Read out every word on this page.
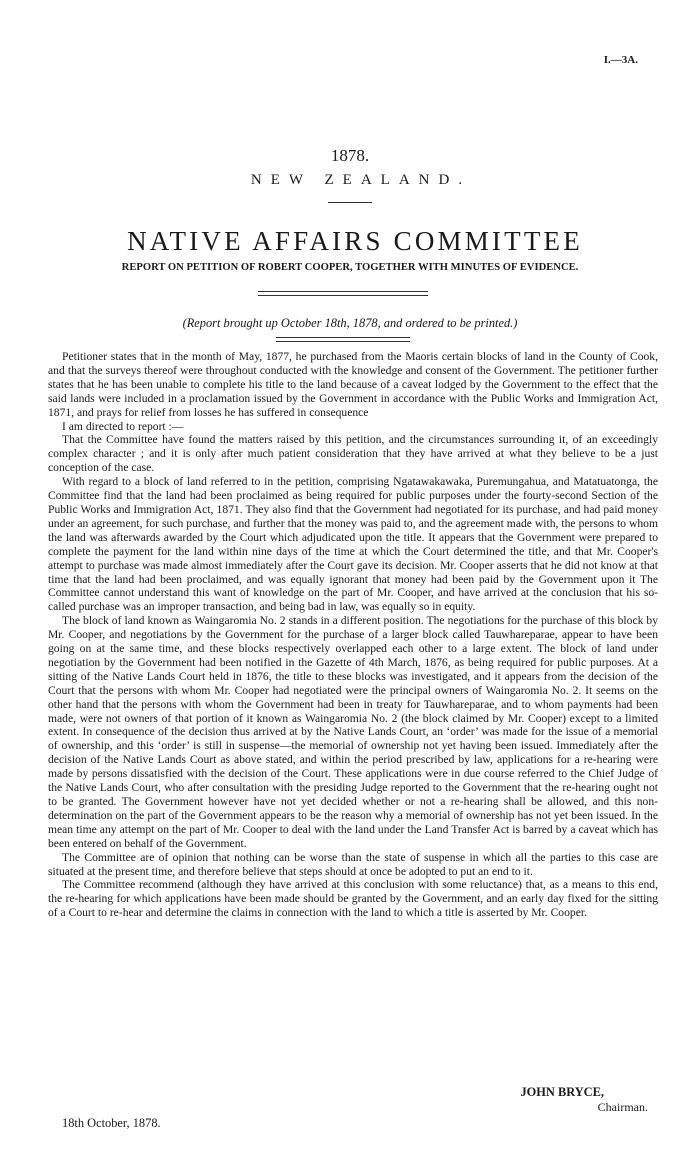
I.—3A.
1878.
NEW ZEALAND.
NATIVE AFFAIRS COMMITTEE
REPORT ON PETITION OF ROBERT COOPER, TOGETHER WITH MINUTES OF EVIDENCE.
(Report brought up October 18th, 1878, and ordered to be printed.)

Petitioner states that in the month of May, 1877, he purchased from the Maoris certain blocks of land in the County of Cook, and that the surveys thereof were throughout conducted with the knowledge and consent of the Government. The petitioner further states that he has been unable to complete his title to the land because of a caveat lodged by the Government to the effect that the said lands were included in a proclamation issued by the Government in accordance with the Public Works and Immigration Act, 1871, and prays for relief from losses he has suffered in consequence

I am directed to report :—

That the Committee have found the matters raised by this petition, and the circumstances surrounding it, of an exceedingly complex character ; and it is only after much patient consideration that they have arrived at what they believe to be a just conception of the case.

With regard to a block of land referred to in the petition, comprising Ngatawakawaka, Puremungahua, and Matatuatonga, the Committee find that the land had been proclaimed as being required for public purposes under the fourty-second Section of the Public Works and Immigration Act, 1871. They also find that the Government had negotiated for its purchase, and had paid money under an agreement, for such purchase, and further that the money was paid to, and the agreement made with, the persons to whom the land was afterwards awarded by the Court which adjudicated upon the title. It appears that the Government were prepared to complete the payment for the land within nine days of the time at which the Court determined the title, and that Mr. Cooper's attempt to purchase was made almost immediately after the Court gave its decision. Mr. Cooper asserts that he did not know at that time that the land had been proclaimed, and was equally ignorant that money had been paid by the Government upon it The Committee cannot understand this want of knowledge on the part of Mr. Cooper, and have arrived at the conclusion that his so-called purchase was an improper transaction, and being bad in law, was equally so in equity.

The block of land known as Waingaromia No. 2 stands in a different position. The negotiations for the purchase of this block by Mr. Cooper, and negotiations by the Government for the purchase of a larger block called Tauwhareparae, appear to have been going on at the same time, and these blocks respectively overlapped each other to a large extent. The block of land under negotiation by the Government had been notified in the Gazette of 4th March, 1876, as being required for public purposes. At a sitting of the Native Lands Court held in 1876, the title to these blocks was investigated, and it appears from the decision of the Court that the persons with whom Mr. Cooper had negotiated were the principal owners of Waingaromia No. 2. It seems on the other hand that the persons with whom the Government had been in treaty for Tauwhareparae, and to whom payments had been made, were not owners of that portion of it known as Waingaromia No. 2 (the block claimed by Mr. Cooper) except to a limited extent. In consequence of the decision thus arrived at by the Native Lands Court, an ‘order’ was made for the issue of a memorial of ownership, and this ‘order’ is still in suspense—the memorial of ownership not yet having been issued. Immediately after the decision of the Native Lands Court as above stated, and within the period prescribed by law, applications for a re-hearing were made by persons dissatisfied with the decision of the Court. These applications were in due course referred to the Chief Judge of the Native Lands Court, who after consultation with the presiding Judge reported to the Government that the re-hearing ought not to be granted. The Government however have not yet decided whether or not a re-hearing shall be allowed, and this non-determination on the part of the Government appears to be the reason why a memorial of ownership has not yet been issued. In the mean time any attempt on the part of Mr. Cooper to deal with the land under the Land Transfer Act is barred by a caveat which has been entered on behalf of the Government.

The Committee are of opinion that nothing can be worse than the state of suspense in which all the parties to this case are situated at the present time, and therefore believe that steps should at once be adopted to put an end to it.

The Committee recommend (although they have arrived at this conclusion with some reluctance) that, as a means to this end, the re-hearing for which applications have been made should be granted by the Government, and an early day fixed for the sitting of a Court to re-hear and determine the claims in connection with the land to which a title is asserted by Mr. Cooper.

JOHN BRYCE,
Chairman.
18th October, 1878.
